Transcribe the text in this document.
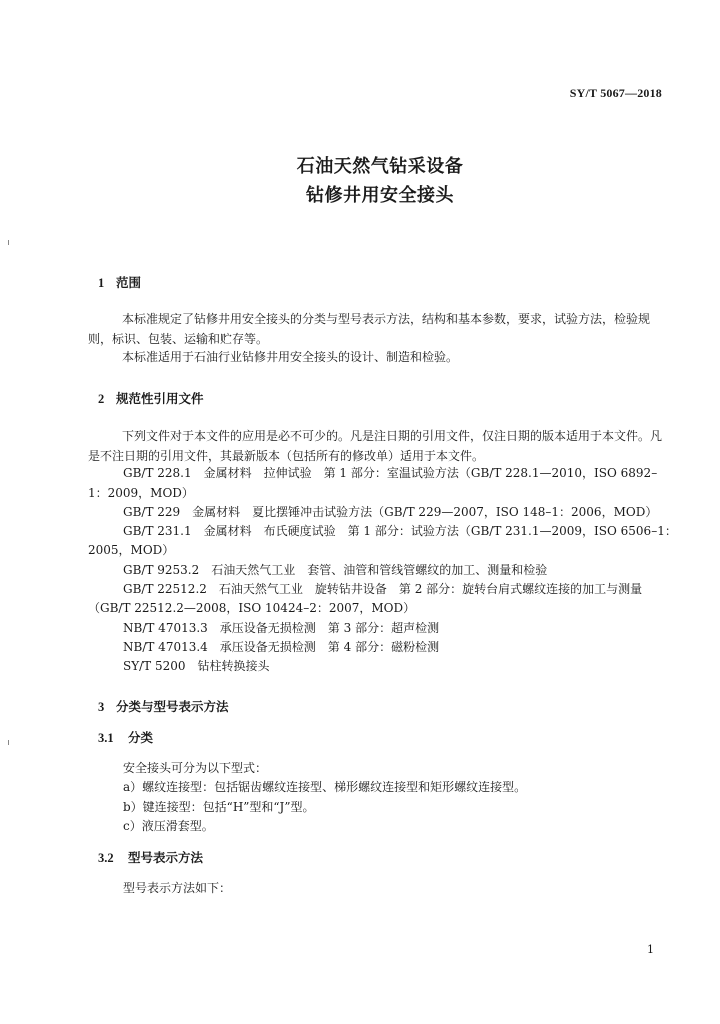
SY/T 5067—2018
石油天然气钻采设备
钻修井用安全接头
1 范围

本标准规定了钻修井用安全接头的分类与型号表示方法，结构和基本参数，要求，试验方法，检验规则，标识、包装、运输和贮存等。

本标准适用于石油行业钻修井用安全接头的设计、制造和检验。

2 规范性引用文件

下列文件对于本文件的应用是必不可少的。凡是注日期的引用文件，仅注日期的版本适用于本文件。凡是不注日期的引用文件，其最新版本（包括所有的修改单）适用于本文件。

GB/T 228.1　金属材料　拉伸试验　第 1 部分：室温试验方法（GB/T 228.1—2010，ISO 6892–
1：2009，MOD）
GB/T 229　金属材料　夏比摆锤冲击试验方法（GB/T 229—2007，ISO 148–1：2006，MOD）
GB/T 231.1　金属材料　布氏硬度试验　第 1 部分：试验方法（GB/T 231.1—2009，ISO 6506–1：
2005，MOD）
GB/T 9253.2　石油天然气工业　套管、油管和管线管螺纹的加工、测量和检验
GB/T 22512.2　石油天然气工业　旋转钻井设备　第 2 部分：旋转台肩式螺纹连接的加工与测量
（GB/T 22512.2—2008，ISO 10424–2：2007，MOD）
NB/T 47013.3　承压设备无损检测　第 3 部分：超声检测
NB/T 47013.4　承压设备无损检测　第 4 部分：磁粉检测
SY/T 5200　钻柱转换接头
3 分类与型号表示方法
3.1 分类
安全接头可分为以下型式：
a）螺纹连接型：包括锯齿螺纹连接型、梯形螺纹连接型和矩形螺纹连接型。
b）键连接型：包括“H”型和“J”型。
c）液压滑套型。
3.2 型号表示方法
型号表示方法如下：
1
